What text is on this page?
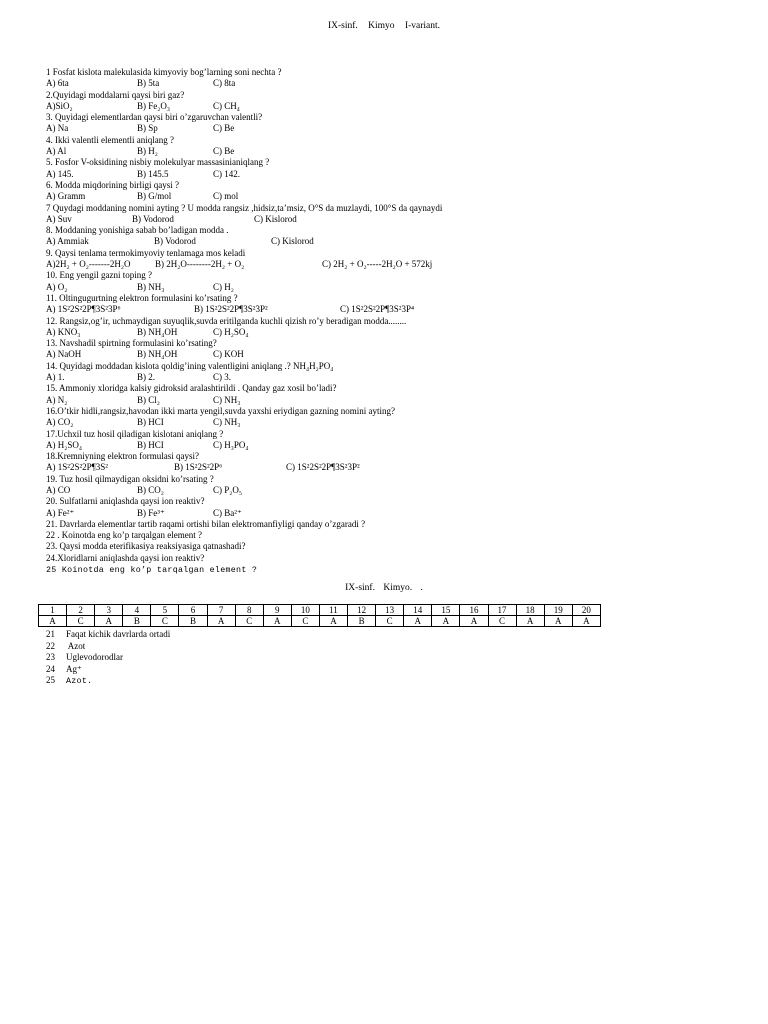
IX-sinf. Kimyo I-variant.
1 Fosfat kislota malekulasida kimyoviy bog’larning soni nechta ?
A) 6ta	B) 5ta	C) 8ta
2.Quyidagi moddalarni qaysi biri gaz?
A)SiO₂	B) Fe₂O₃	C) CH₄
3. Quyidagi elementlardan qaysi biri o’zgaruvchan valentli?
A) Na	B) Sp	C) Be
4. Ikki valentli elementli aniqlang ?
A) Al	B) H₂	C) Be
5. Fosfor V-oksidining nisbiy molekulyar massasinianiqlang ?
A) 145.	B) 145.5	C) 142.
6. Modda miqdorining birligi qaysi ?
A) Gramm	B) G/mol	C) mol
7 Quydagi moddaning nomini ayting ? U modda rangsiz ,hidsiz,ta’msiz, O°S da muzlaydi, 100°S da qaynaydi
A) Suv	B) Vodorod	C) Kislorod
8. Moddaning yonishiga sabab bo’ladigan modda .
A) Ammiak	B) Vodorod	C) Kislorod
9. Qaysi tenlama termokimyoviy tenlamaga mos keladi
A)2H₂ + O₂-------2H₂O	B) 2H₂O--------2H₂ + O₂	C) 2H₂ + O₂-----2H₂O + 572kj
10. Eng yengil gazni toping ?
A) O₂	B) NH₃	C) H₂
11. Oltingugurtning elektron formulasini ko’rsating ?
A) 1S²2S²2P¶3S²3P⁶	B) 1S²2S²2P¶3S²3P²	C) 1S²2S²2P¶3S²3P⁴
12. Rangsiz,og’ir, uchmaydigan suyuqlik,suvda eritilganda kuchli qizish ro’y beradigan modda........
A) KNO₃	B) NH₄OH	C) H₂SO₄
13. Navshadil spirtning formulasini ko’rsating?
A) NaOH	B) NH₄OH	C) KOH
14. Quyidagi moddadan kislota qoldig’ining valentligini aniqlang .? NH₄H₂PO₄
A) 1.	B) 2.	C) 3.
15. Ammoniy xloridga kalsiy gidroksid aralashtirildi . Qanday gaz xosil bo’ladi?
A) N₂	B) Cl₂	C) NH₃
16.O’tkir hidli,rangsiz,havodan ikki marta yengil,suvda yaxshi eriydigan gazning nomini ayting?
A) CO₂	B) HCI	C) NH₃
17.Uchxil tuz hosil qiladigan kislotani aniqlang ?
A) H₂SO₄	B) HCI	C) H₃PO₄
18.Kremniyning elektron formulasi qaysi?
A) 1S²2S²2P¶3S²	B) 1S²2S²2P⁶	C) 1S²2S²2P¶3S²3P²
19. Tuz hosil qilmaydigan oksidni ko’rsating ?
A) CO	B) CO₂	C) P₂O₅
20. Sulfatlarni aniqlashda qaysi ion reaktiv?
A) Fe²⁺	B) Fe³⁺	C) Ba²⁺
21. Davrlarda elementlar tartib raqami ortishi bilan elektromanfiyligi qanday o’zgaradi ?
22 . Koinotda eng ko’p tarqalgan element ?
23. Qaysi modda eterifikasiya reaksiyasiga qatnashadi?
24.Xloridlarni aniqlashda qaysi ion reaktiv?
25 Koinotda eng ko’p tarqalgan element ?
IX-sinf. Kimyo. .
1	2	3	4	5	6	7	8	9	10	11	12	13	14	15	16	17	18	19	20
A	C	A	B	C	B	A	C	A	C	A	B	C	A	A	A	C	A	A	A
21 Faqat kichik davrlarda ortadi
22 Azot
23 Uglevodorodlar
24 Ag⁺
25 Azot.
